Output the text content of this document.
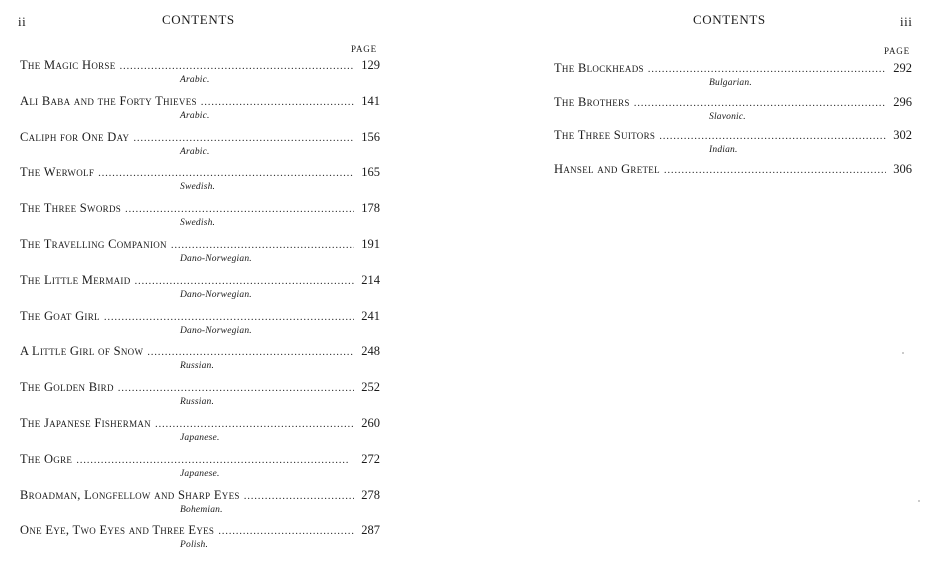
ii	CONTENTS
PAGE
The Magic Horse . . .	129
Arabic.
Ali Baba and the Forty Thieves . . .	141
Arabic.
Caliph for One Day . . .	156
Arabic.
The Werwolf . . .	165
Swedish.
The Three Swords . . .	178
Swedish.
The Travelling Companion . . .	191
Dano-Norwegian.
The Little Mermaid . . .	214
Dano-Norwegian.
The Goat Girl . . .	241
Dano-Norwegian.
A Little Girl of Snow . . .	248
Russian.
The Golden Bird . . .	252
Russian.
The Japanese Fisherman . . .	260
Japanese.
The Ogre . . .	272
Japanese.
Broadman, Longfellow and Sharp Eyes . . .	278
Bohemian.
One Eye, Two Eyes and Three Eyes . . .	287
Polish.
iii
CONTENTS
PAGE
The Blockheads . . .	292
Bulgarian.
The Brothers . . .	296
Slavonic.
The Three Suitors . . .	302
Indian.
Hansel and Gretel . . .	306
